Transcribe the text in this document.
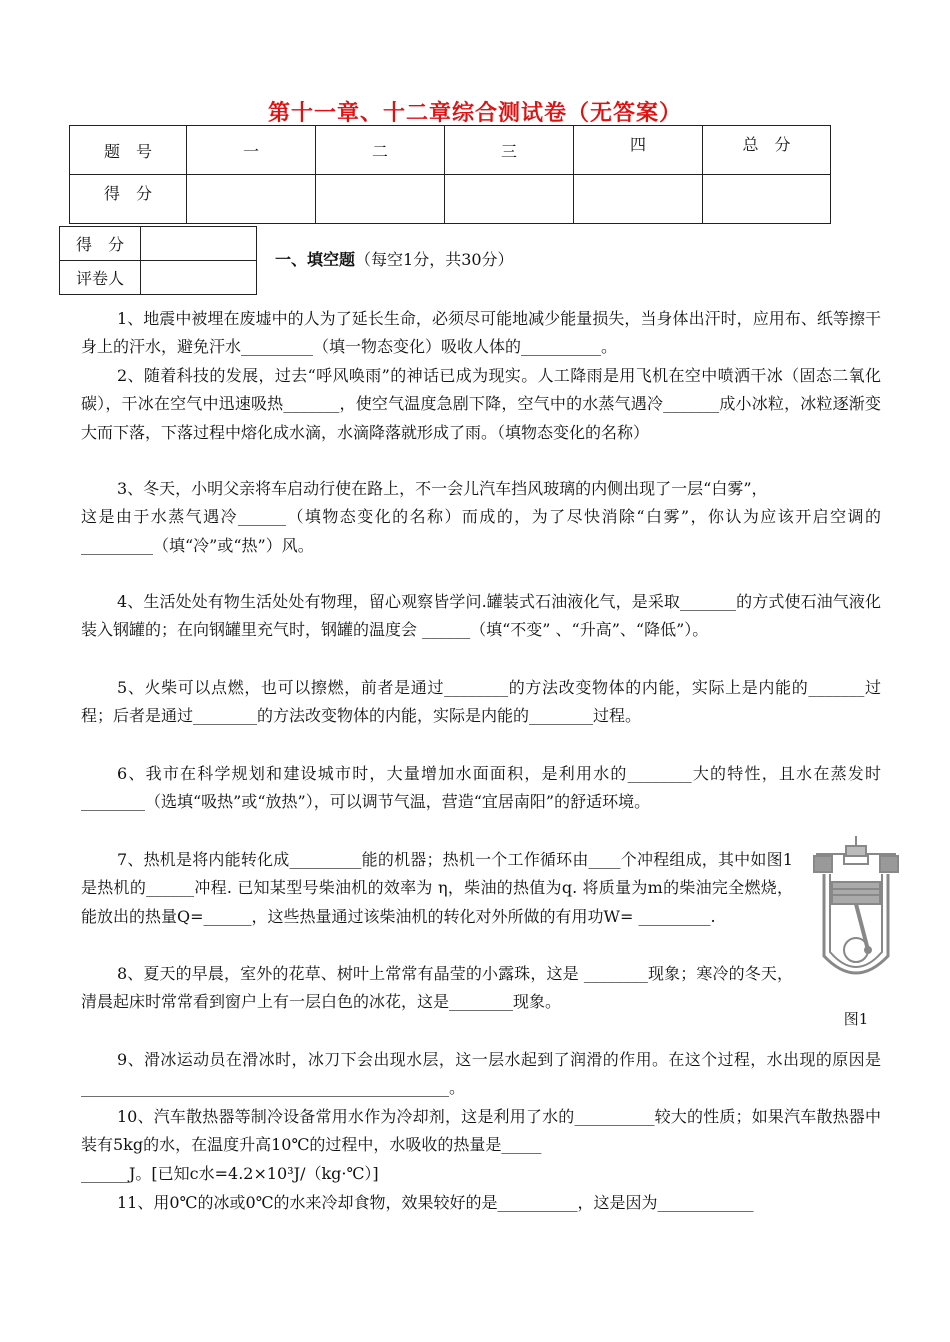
第十一章、十二章综合测试卷（无答案）
题　号	一	二	三	四	总　分
得　分					
得　分	
评卷人	
一、填空题（每空1分，共30分）

1、地震中被埋在废墟中的人为了延长生命，必须尽可能地减少能量损失，当身体出汗时，应用布、纸等擦干身上的汗水，避免汗水_________（填一物态变化）吸收人体的__________。

2、随着科技的发展，过去“呼风唤雨”的神话已成为现实。人工降雨是用飞机在空中喷洒干冰（固态二氧化碳），干冰在空气中迅速吸热_______，使空气温度急剧下降，空气中的水蒸气遇冷_______成小冰粒，冰粒逐渐变大而下落，下落过程中熔化成水滴，水滴降落就形成了雨。（填物态变化的名称）

3、冬天，小明父亲将车启动行使在路上，不一会儿汽车挡风玻璃的内侧出现了一层“白雾”，

这是由于水蒸气遇冷______（填物态变化的名称）而成的，为了尽快消除“白雾”，你认为应该开启空调的_________（填“冷”或“热”）风。

4、生活处处有物生活处处有物理，留心观察皆学问.罐装式石油液化气，是采取_______的方式使石油气液化装入钢罐的；在向钢罐里充气时，钢罐的温度会 ______（填“不变” 、“升高”、“降低”）。

5、火柴可以点燃，也可以擦燃，前者是通过________的方法改变物体的内能，实际上是内能的_______过程；后者是通过________的方法改变物体的内能，实际是内能的________过程。

6、我市在科学规划和建设城市时，大量增加水面面积，是利用水的________大的特性，且水在蒸发时________（选填“吸热”或“放热”），可以调节气温，营造“宜居南阳”的舒适环境。

7、热机是将内能转化成_________能的机器；热机一个工作循环由____个冲程组成，其中如图1是热机的______冲程. 已知某型号柴油机的效率为 η，柴油的热值为q. 将质量为m的柴油完全燃烧，能放出的热量Q=______，这些热量通过该柴油机的转化对外所做的有用功W= _________.

8、夏天的早晨，室外的花草、树叶上常常有晶莹的小露珠，这是 ________现象；寒冷的冬天，清晨起床时常常看到窗户上有一层白色的冰花，这是________现象。

9、滑冰运动员在滑冰时，冰刀下会出现水层，这一层水起到了润滑的作用。在这个过程，水出现的原因是______________________________________________。

10、汽车散热器等制冷设备常用水作为冷却剂，这是利用了水的__________较大的性质；如果汽车散热器中装有5kg的水，在温度升高10℃的过程中，水吸收的热量是_____

______J。[已知c水=4.2×10³J/（kg·℃）]

11、用0℃的冰或0℃的水来冷却食物，效果较好的是__________，这是因为____________

图1
